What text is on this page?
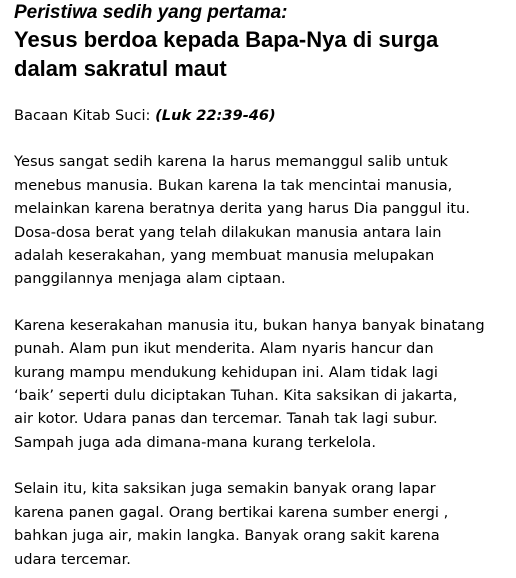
Peristiwa sedih yang pertama:
Yesus berdoa kepada Bapa-Nya di surga
dalam sakratul maut
Bacaan Kitab Suci: (Luk 22:39-46)
Yesus sangat sedih karena Ia harus memanggul salib untuk
menebus manusia. Bukan karena Ia tak mencintai manusia,
melainkan karena beratnya derita yang harus Dia panggul itu.
Dosa-dosa berat yang telah dilakukan manusia antara lain
adalah keserakahan, yang membuat manusia melupakan
panggilannya menjaga alam ciptaan.
Karena keserakahan manusia itu, bukan hanya banyak binatang
punah. Alam pun ikut menderita. Alam nyaris hancur dan
kurang mampu mendukung kehidupan ini. Alam tidak lagi
‘baik’ seperti dulu diciptakan Tuhan. Kita saksikan di jakarta,
air kotor. Udara panas dan tercemar. Tanah tak lagi subur.
Sampah juga ada dimana-mana kurang terkelola.
Selain itu, kita saksikan juga semakin banyak orang lapar
karena panen gagal. Orang bertikai karena sumber energi ,
bahkan juga air, makin langka. Banyak orang sakit karena
udara tercemar.
